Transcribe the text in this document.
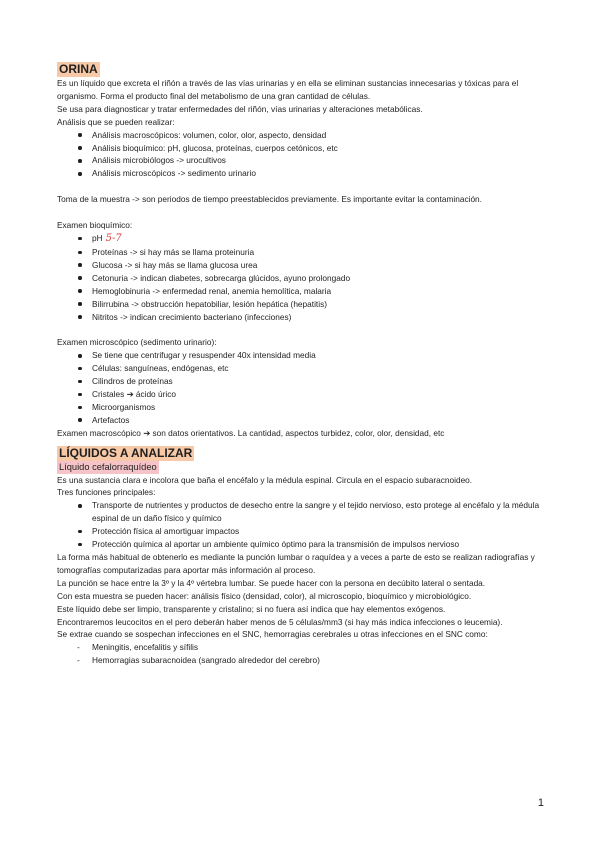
ORINA

Es un líquido que excreta el riñón a través de las vías urinarias y en ella se eliminan sustancias innecesarias y tóxicas para el organismo. Forma el producto final del metabolismo de una gran cantidad de células.

Se usa para diagnosticar y tratar enfermedades del riñón, vías urinarias y alteraciones metabólicas.

Análisis que se pueden realizar:

Análisis macroscópicos: volumen, color, olor, aspecto, densidad
Análisis bioquímico: pH, glucosa, proteínas, cuerpos cetónicos, etc
Análisis microbiólogos -> urocultivos
Análisis microscópicos -> sedimento urinario

Toma de la muestra -> son periodos de tiempo preestablecidos previamente. Es importante evitar la contaminación.

Examen bioquímico:

pH 5-7
Proteínas -> si hay más se llama proteinuria
Glucosa -> si hay más se llama glucosa urea
Cetonuria -> indican diabetes, sobrecarga glúcidos, ayuno prolongado
Hemoglobinuria -> enfermedad renal, anemia hemolítica, malaria
Bilirrubina -> obstrucción hepatobiliar, lesión hepática (hepatitis)
Nitritos -> indican crecimiento bacteriano (infecciones)

Examen microscópico (sedimento urinario):

Se tiene que centrifugar y resuspender 40x intensidad media
Células: sanguíneas, endógenas, etc
Cilindros de proteínas
Cristales ➔ ácido úrico
Microorganismos
Artefactos

Examen macroscópico ➔ son datos orientativos. La cantidad, aspectos turbidez, color, olor, densidad, etc

LÍQUIDOS A ANALIZAR
Líquido cefalorraquídeo

Es una sustancia clara e incolora que baña el encéfalo y la médula espinal. Circula en el espacio subaracnoideo.

Tres funciones principales:

Transporte de nutrientes y productos de desecho entre la sangre y el tejido nervioso, esto protege al encéfalo y la médula espinal de un daño físico y químico
Protección física al amortiguar impactos
Protección química al aportar un ambiente químico óptimo para la transmisión de impulsos nervioso

La forma más habitual de obtenerlo es mediante la punción lumbar o raquídea y a veces a parte de esto se realizan radiografías y tomografías computarizadas para aportar más información al proceso.

La punción se hace entre la 3º y la 4º vértebra lumbar. Se puede hacer con la persona en decúbito lateral o sentada.

Con esta muestra se pueden hacer: análisis físico (densidad, color), al microscopio, bioquímico y microbiológico.

Este líquido debe ser limpio, transparente y cristalino; si no fuera así indica que hay elementos exógenos.

Encontraremos leucocitos en el pero deberán haber menos de 5 células/mm3 (si hay más indica infecciones o leucemia).

Se extrae cuando se sospechan infecciones en el SNC, hemorragias cerebrales u otras infecciones en el SNC como:

- Meningitis, encefalitis y sífilis
- Hemorragias subaracnoidea (sangrado alrededor del cerebro)
1
